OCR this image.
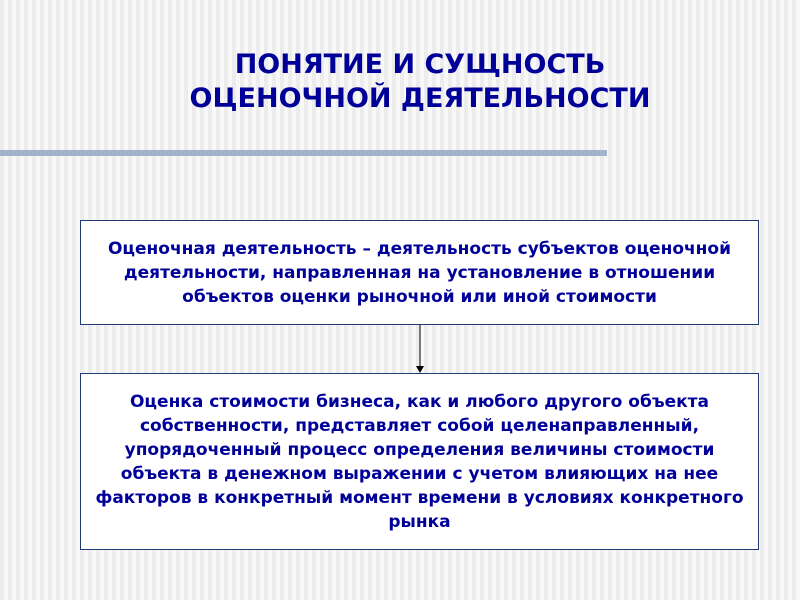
ПОНЯТИЕ И СУЩНОСТЬ
ОЦЕНОЧНОЙ ДЕЯТЕЛЬНОСТИ
Оценочная деятельность – деятельность субъектов оценочной деятельности, направленная на установление в отношении объектов оценки рыночной или иной стоимости
Оценка стоимости бизнеса, как и любого другого объекта собственности, представляет собой целенаправленный, упорядоченный процесс определения величины стоимости объекта в денежном выражении с учетом влияющих на нее факторов в конкретный момент времени в условиях конкретного рынка
